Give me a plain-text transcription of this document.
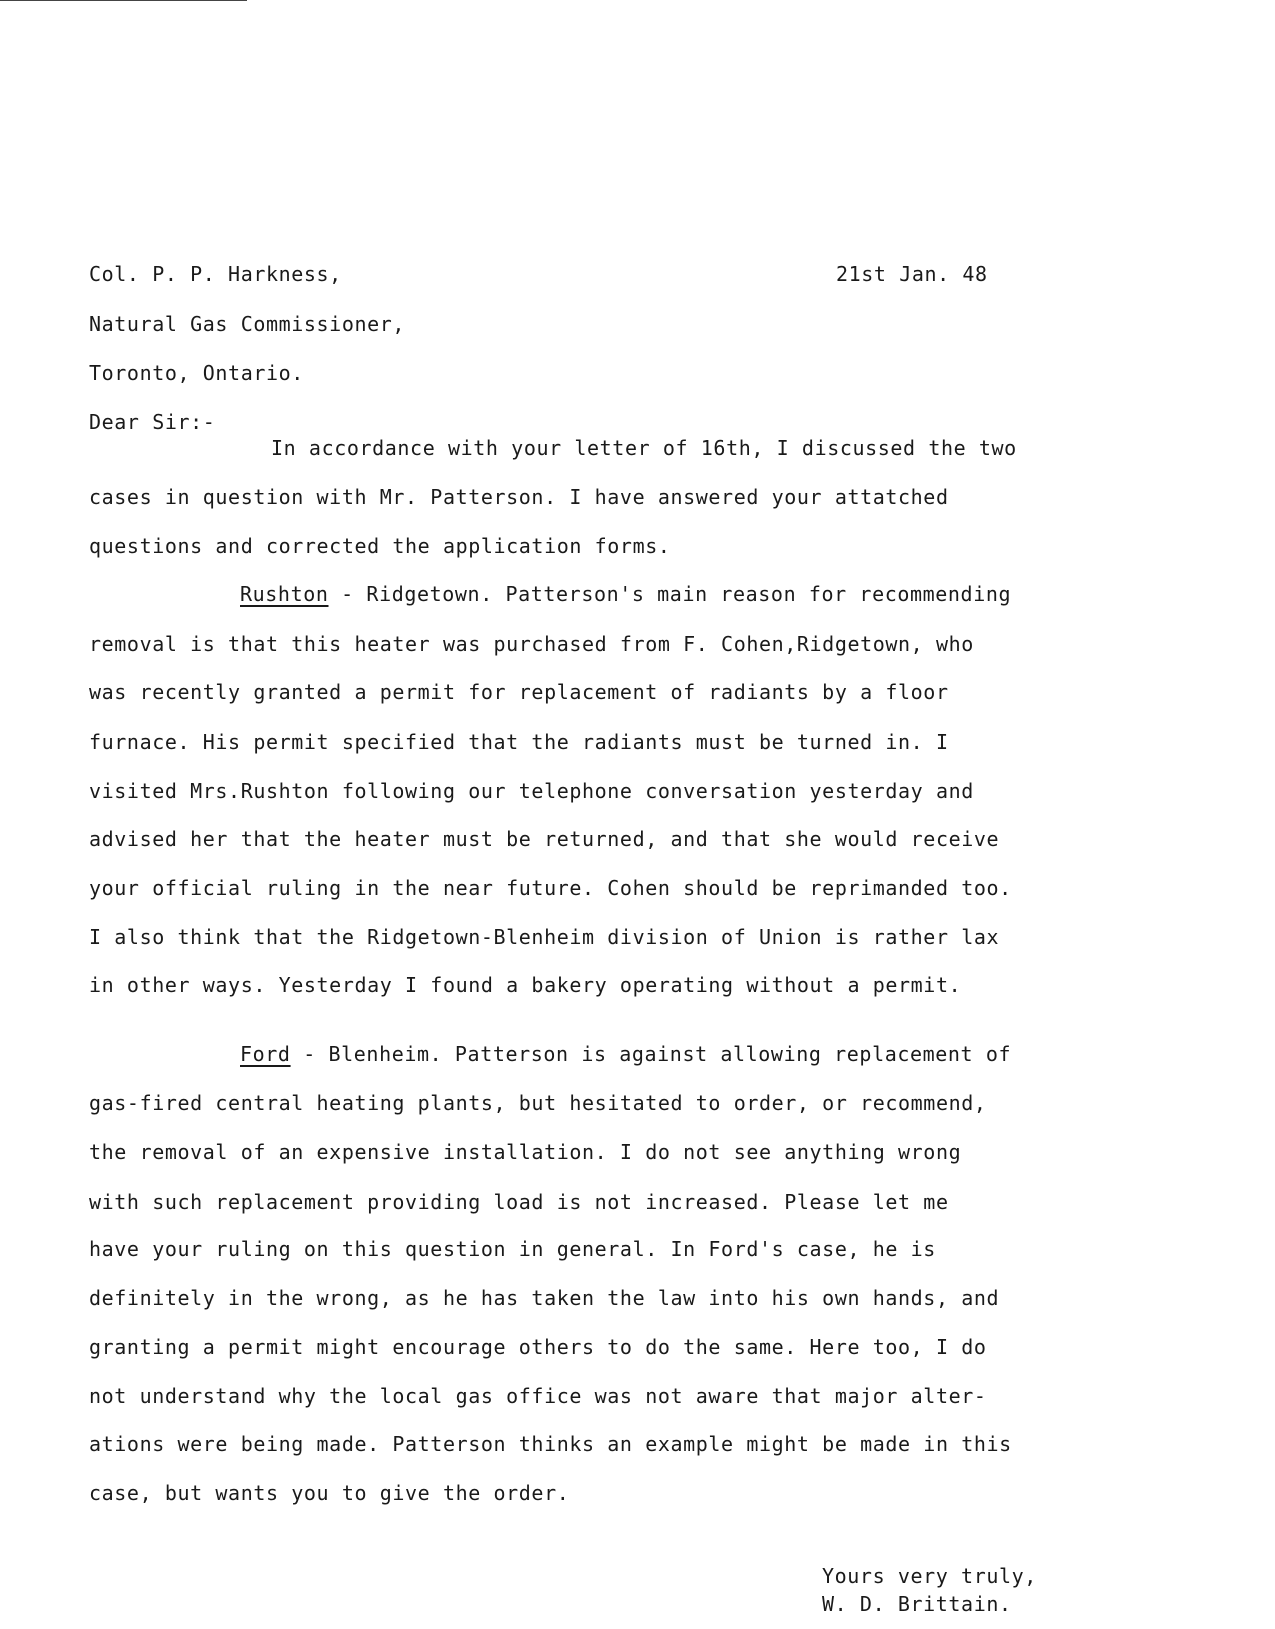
Col. P. P. Harkness,	21st Jan. 48
Natural Gas Commissioner,
Toronto, Ontario.
Dear Sir:-
In accordance with your letter of 16th, I discussed the two
cases in question with Mr. Patterson. I have answered your attatched
questions and corrected the application forms.
Rushton - Ridgetown. Patterson's main reason for recommending
removal is that this heater was purchased from F. Cohen,Ridgetown, who
was recently granted a permit for replacement of radiants by a floor
furnace. His permit specified that the radiants must be turned in. I
visited Mrs.Rushton following our telephone conversation yesterday and
advised her that the heater must be returned, and that she would receive
your official ruling in the near future. Cohen should be reprimanded too.
I also think that the Ridgetown-Blenheim division of Union is rather lax
in other ways. Yesterday I found a bakery operating without a permit.
Ford - Blenheim. Patterson is against allowing replacement of
gas-fired central heating plants, but hesitated to order, or recommend,
the removal of an expensive installation. I do not see anything wrong
with such replacement providing load is not increased. Please let me
have your ruling on this question in general. In Ford's case, he is
definitely in the wrong, as he has taken the law into his own hands, and
granting a permit might encourage others to do the same. Here too, I do
not understand why the local gas office was not aware that major alter-
ations were being made. Patterson thinks an example might be made in this
case, but wants you to give the order.
Yours very truly,
W. D. Brittain.
